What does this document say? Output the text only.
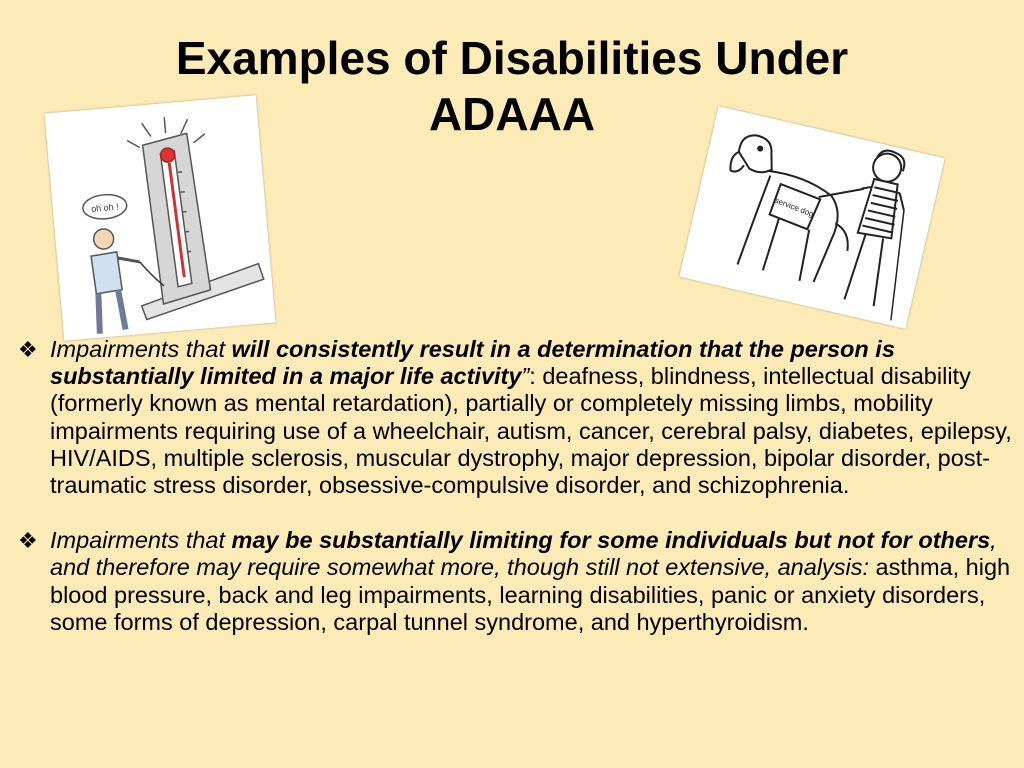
Examples of Disabilities Under
ADAAA
oh oh !	service dog
❖ Impairments that will consistently result in a determination that the person is substantially limited in a major life activity”: deafness, blindness, intellectual disability (formerly known as mental retardation), partially or completely missing limbs, mobility impairments requiring use of a wheelchair, autism, cancer, cerebral palsy, diabetes, epilepsy, HIV/AIDS, multiple sclerosis, muscular dystrophy, major depression, bipolar disorder, post-traumatic stress disorder, obsessive-compulsive disorder, and schizophrenia.
❖ Impairments that may be substantially limiting for some individuals but not for others, and therefore may require somewhat more, though still not extensive, analysis: asthma, high blood pressure, back and leg impairments, learning disabilities, panic or anxiety disorders, some forms of depression, carpal tunnel syndrome, and hyperthyroidism.
